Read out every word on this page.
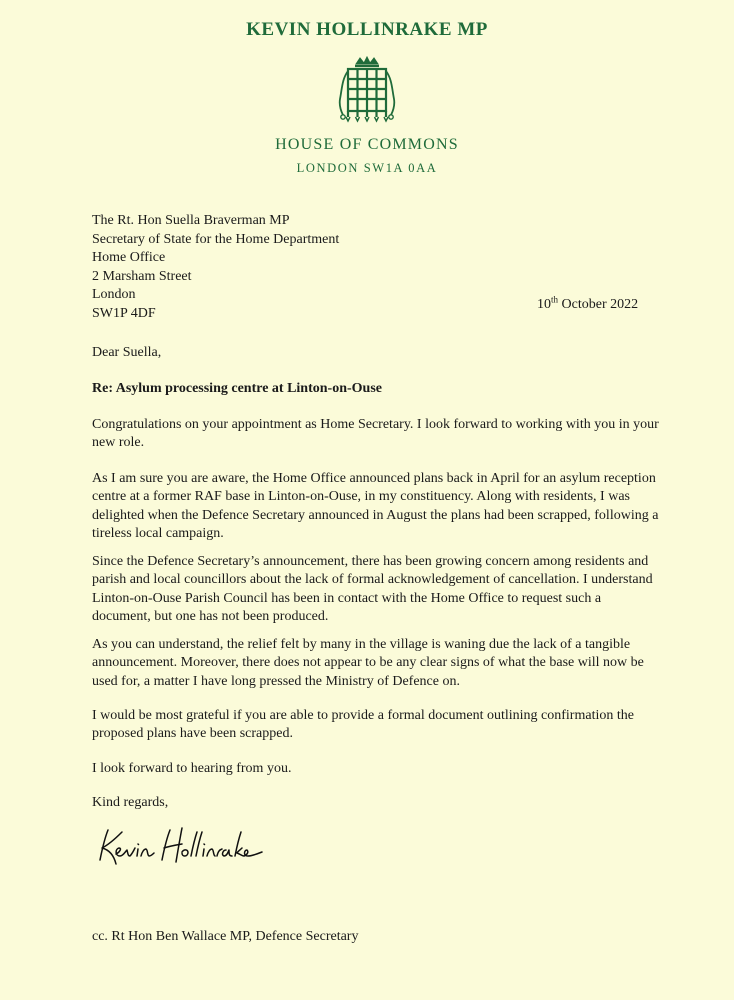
KEVIN HOLLINRAKE MP
HOUSE OF COMMONS
LONDON SW1A 0AA
The Rt. Hon Suella Braverman MP
Secretary of State for the Home Department
Home Office
2 Marsham Street
London
SW1P 4DF
10th October 2022
Dear Suella,
Re: Asylum processing centre at Linton-on-Ouse

Congratulations on your appointment as Home Secretary. I look forward to working with you in your new role.

As I am sure you are aware, the Home Office announced plans back in April for an asylum reception centre at a former RAF base in Linton-on-Ouse, in my constituency. Along with residents, I was delighted when the Defence Secretary announced in August the plans had been scrapped, following a tireless local campaign.

Since the Defence Secretary’s announcement, there has been growing concern among residents and parish and local councillors about the lack of formal acknowledgement of cancellation. I understand Linton-on-Ouse Parish Council has been in contact with the Home Office to request such a document, but one has not been produced.

As you can understand, the relief felt by many in the village is waning due the lack of a tangible announcement. Moreover, there does not appear to be any clear signs of what the base will now be used for, a matter I have long pressed the Ministry of Defence on.

I would be most grateful if you are able to provide a formal document outlining confirmation the proposed plans have been scrapped.

I look forward to hearing from you.

Kind regards,
cc. Rt Hon Ben Wallace MP, Defence Secretary
